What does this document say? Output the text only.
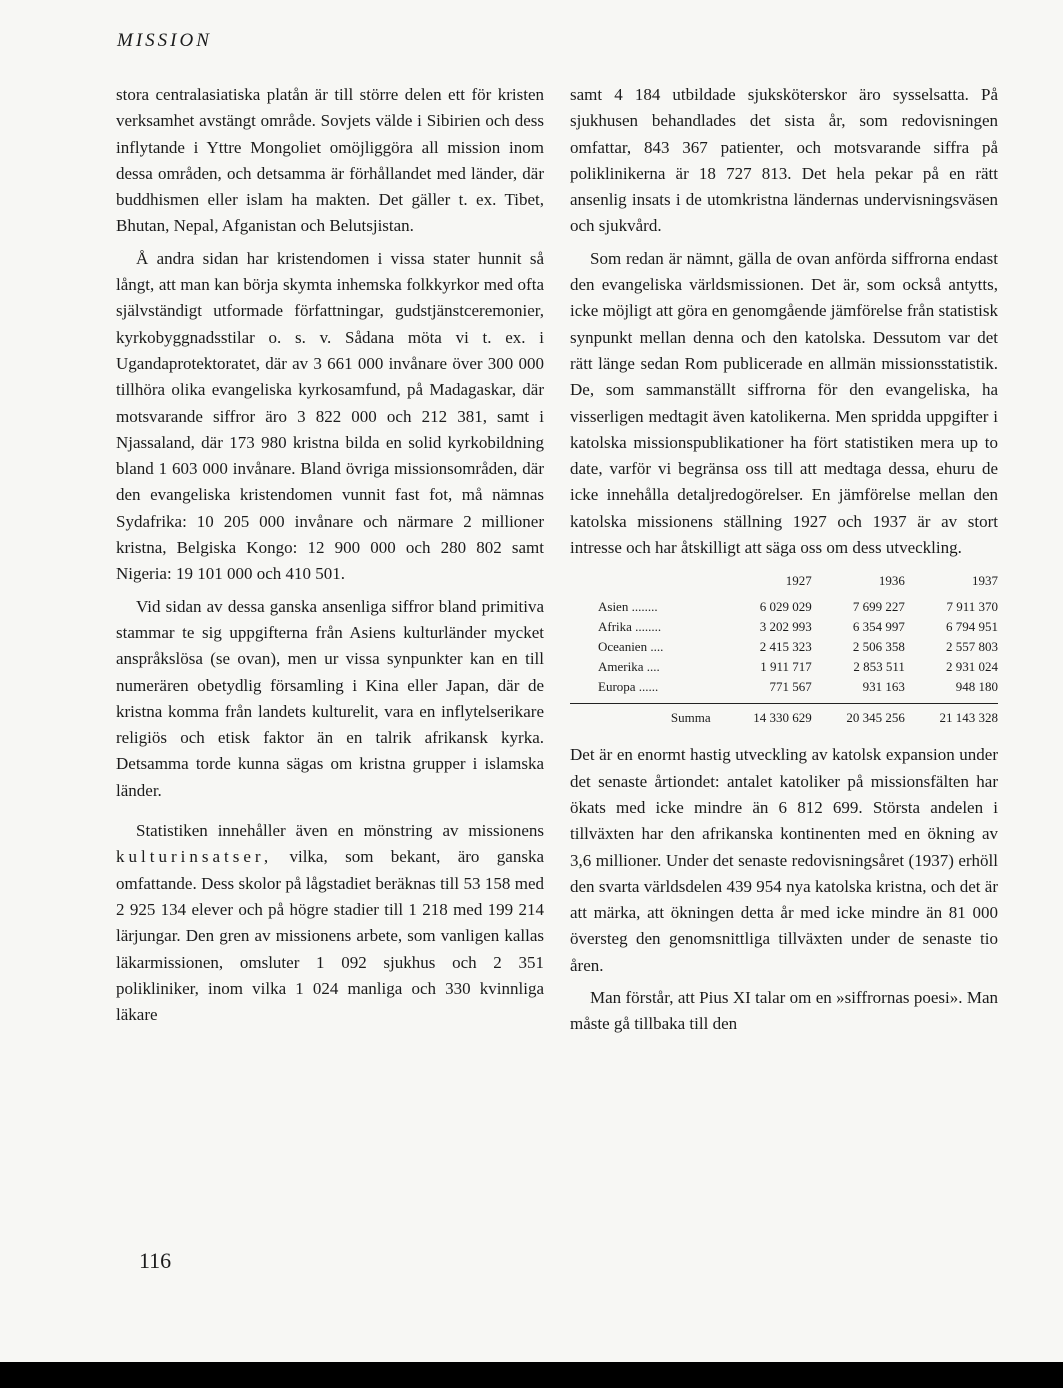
MISSION

stora centralasiatiska platån är till större delen ett för kristen verksamhet avstängt område. Sovjets välde i Sibirien och dess inflytande i Yttre Mongoliet omöjliggöra all mission inom dessa områden, och detsamma är förhållandet med länder, där buddhismen eller islam ha makten. Det gäller t. ex. Tibet, Bhutan, Nepal, Afganistan och Belutsjistan.

Å andra sidan har kristendomen i vissa stater hunnit så långt, att man kan börja skymta inhemska folkkyrkor med ofta självständigt utformade författningar, gudstjänstceremonier, kyrkobyggnadsstilar o. s. v. Sådana möta vi t. ex. i Ugandaprotektoratet, där av 3 661 000 invånare över 300 000 tillhöra olika evangeliska kyrkosamfund, på Madagaskar, där motsvarande siffror äro 3 822 000 och 212 381, samt i Njassaland, där 173 980 kristna bilda en solid kyrkobildning bland 1 603 000 invånare. Bland övriga missionsområden, där den evangeliska kristendomen vunnit fast fot, må nämnas Sydafrika: 10 205 000 invånare och närmare 2 millioner kristna, Belgiska Kongo: 12 900 000 och 280 802 samt Nigeria: 19 101 000 och 410 501.

Vid sidan av dessa ganska ansenliga siffror bland primitiva stammar te sig uppgifterna från Asiens kulturländer mycket anspråkslösa (se ovan), men ur vissa synpunkter kan en till numerären obetydlig församling i Kina eller Japan, där de kristna komma från landets kulturelit, vara en inflytelserikare religiös och etisk faktor än en talrik afrikansk kyrka. Detsamma torde kunna sägas om kristna grupper i islamska länder.

Statistiken innehåller även en mönstring av missionens kulturinsatser, vilka, som bekant, äro ganska omfattande. Dess skolor på lågstadiet beräknas till 53 158 med 2 925 134 elever och på högre stadier till 1 218 med 199 214 lärjungar. Den gren av missionens arbete, som vanligen kallas läkarmissionen, omsluter 1 092 sjukhus och 2 351 polikliniker, inom vilka 1 024 manliga och 330 kvinnliga läkare

samt 4 184 utbildade sjuksköterskor äro sysselsatta. På sjukhusen behandlades det sista år, som redovisningen omfattar, 843 367 patienter, och motsvarande siffra på poliklinikerna är 18 727 813. Det hela pekar på en rätt ansenlig insats i de utomkristna ländernas undervisningsväsen och sjukvård.

Som redan är nämnt, gälla de ovan anförda siffrorna endast den evangeliska världsmissionen. Det är, som också antytts, icke möjligt att göra en genomgående jämförelse från statistisk synpunkt mellan denna och den katolska. Dessutom var det rätt länge sedan Rom publicerade en allmän missionsstatistik. De, som sammanställt siffrorna för den evangeliska, ha visserligen medtagit även katolikerna. Men spridda uppgifter i katolska missionspublikationer ha fört statistiken mera up to date, varför vi begränsa oss till att medtaga dessa, ehuru de icke innehålla detaljredogörelser. En jämförelse mellan den katolska missionens ställning 1927 och 1937 är av stort intresse och har åtskilligt att säga oss om dess utveckling.

	1927	1936	1937
Asien ........	6 029 029	7 699 227	7 911 370
Afrika ........	3 202 993	6 354 997	6 794 951
Oceanien ....	2 415 323	2 506 358	2 557 803
Amerika ....	1 911 717	2 853 511	2 931 024
Europa ......	771 567	931 163	948 180
Summa	14 330 629	20 345 256	21 143 328

Det är en enormt hastig utveckling av katolsk expansion under det senaste årtiondet: antalet katoliker på missionsfälten har ökats med icke mindre än 6 812 699. Största andelen i tillväxten har den afrikanska kontinenten med en ökning av 3,6 millioner. Under det senaste redovisningsåret (1937) erhöll den svarta världsdelen 439 954 nya katolska kristna, och det är att märka, att ökningen detta år med icke mindre än 81 000 översteg den genomsnittliga tillväxten under de senaste tio åren.

Man förstår, att Pius XI talar om en »siffrornas poesi». Man måste gå tillbaka till den

116
